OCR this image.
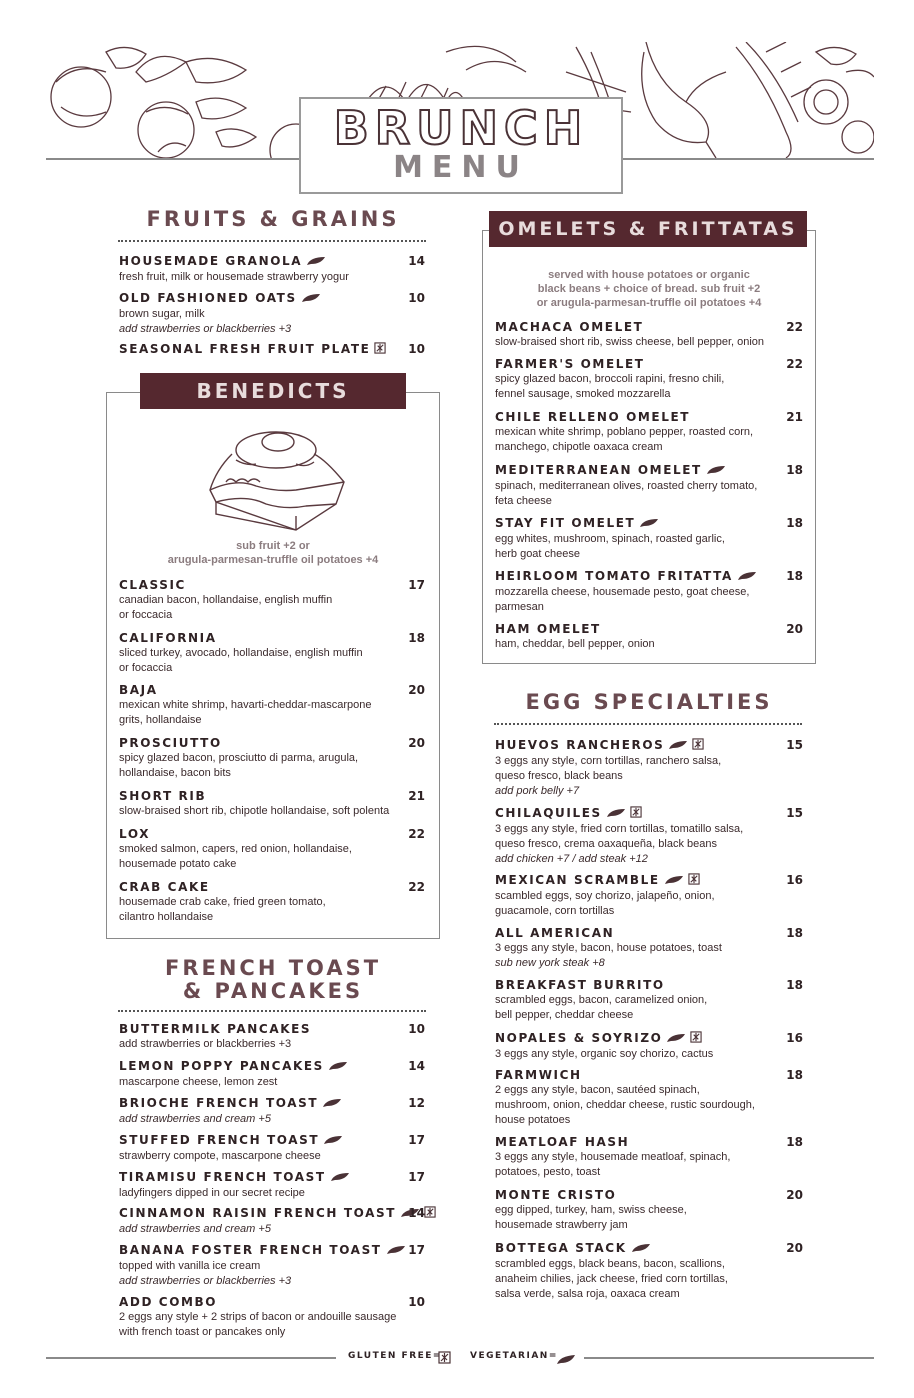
BRUNCH
MENU
FRUITS & GRAINS
HOUSEMADE GRANOLA	14
fresh fruit, milk or housemade strawberry yogur
OLD FASHIONED OATS	10
brown sugar, milk
add strawberries or blackberries +3
SEASONAL FRESH FRUIT PLATE	10
BENEDICTS
sub fruit +2 or
arugula-parmesan-truffle oil potatoes +4
CLASSIC	17
canadian bacon, hollandaise, english muffin
or foccacia
CALIFORNIA	18
sliced turkey, avocado, hollandaise, english muffin
or focaccia
BAJA	20
mexican white shrimp, havarti-cheddar-mascarpone
grits, hollandaise
PROSCIUTTO	20
spicy glazed bacon, prosciutto di parma, arugula,
hollandaise, bacon bits
SHORT RIB	21
slow-braised short rib, chipotle hollandaise, soft polenta
LOX	22
smoked salmon, capers, red onion, hollandaise,
housemade potato cake
CRAB CAKE	22
housemade crab cake, fried green tomato,
cilantro hollandaise
FRENCH TOAST
& PANCAKES
BUTTERMILK PANCAKES	10
add strawberries or blackberries +3
LEMON POPPY PANCAKES	14
mascarpone cheese, lemon zest
BRIOCHE FRENCH TOAST	12
add strawberries and cream +5
STUFFED FRENCH TOAST	17
strawberry compote, mascarpone cheese
TIRAMISU FRENCH TOAST	17
ladyfingers dipped in our secret recipe
CINNAMON RAISIN FRENCH TOAST	14
add strawberries and cream +5
BANANA FOSTER FRENCH TOAST	17
topped with vanilla ice cream
add strawberries or blackberries +3
ADD COMBO	10
2 eggs any style + 2 strips of bacon or andouille sausage
with french toast or pancakes only
OMELETS & FRITTATAS
served with house potatoes or organic
black beans + choice of bread. sub fruit +2
or arugula-parmesan-truffle oil potatoes +4
MACHACA OMELET	22
slow-braised short rib, swiss cheese, bell pepper, onion
FARMER'S OMELET	22
spicy glazed bacon, broccoli rapini, fresno chili,
fennel sausage, smoked mozzarella
CHILE RELLENO OMELET	21
mexican white shrimp, poblano pepper, roasted corn,
manchego, chipotle oaxaca cream
MEDITERRANEAN OMELET	18
spinach, mediterranean olives, roasted cherry tomato,
feta cheese
STAY FIT OMELET	18
egg whites, mushroom, spinach, roasted garlic,
herb goat cheese
HEIRLOOM TOMATO FRITATTA	18
mozzarella cheese, housemade pesto, goat cheese,
parmesan
HAM OMELET	20
ham, cheddar, bell pepper, onion
EGG SPECIALTIES
HUEVOS RANCHEROS	15
3 eggs any style, corn tortillas, ranchero salsa,
queso fresco, black beans
add pork belly +7
CHILAQUILES	15
3 eggs any style, fried corn tortillas, tomatillo salsa,
queso fresco, crema oaxaqueña, black beans
add chicken +7 / add steak +12
MEXICAN SCRAMBLE	16
scambled eggs, soy chorizo, jalapeño, onion,
guacamole, corn tortillas
ALL AMERICAN	18
3 eggs any style, bacon, house potatoes, toast
sub new york steak +8
BREAKFAST BURRITO	18
scrambled eggs, bacon, caramelized onion,
bell pepper, cheddar cheese
NOPALES & SOYRIZO	16
3 eggs any style, organic soy chorizo, cactus
FARMWICH	18
2 eggs any style, bacon, sautéed spinach,
mushroom, onion, cheddar cheese, rustic sourdough,
house potatoes
MEATLOAF HASH	18
3 eggs any style, housemade meatloaf, spinach,
potatoes, pesto, toast
MONTE CRISTO	20
egg dipped, turkey, ham, swiss cheese,
housemade strawberry jam
BOTTEGA STACK	20
scrambled eggs, black beans, bacon, scallions,
anaheim chilies, jack cheese, fried corn tortillas,
salsa verde, salsa roja, oaxaca cream
GLUTEN FREE=	VEGETARIAN=
